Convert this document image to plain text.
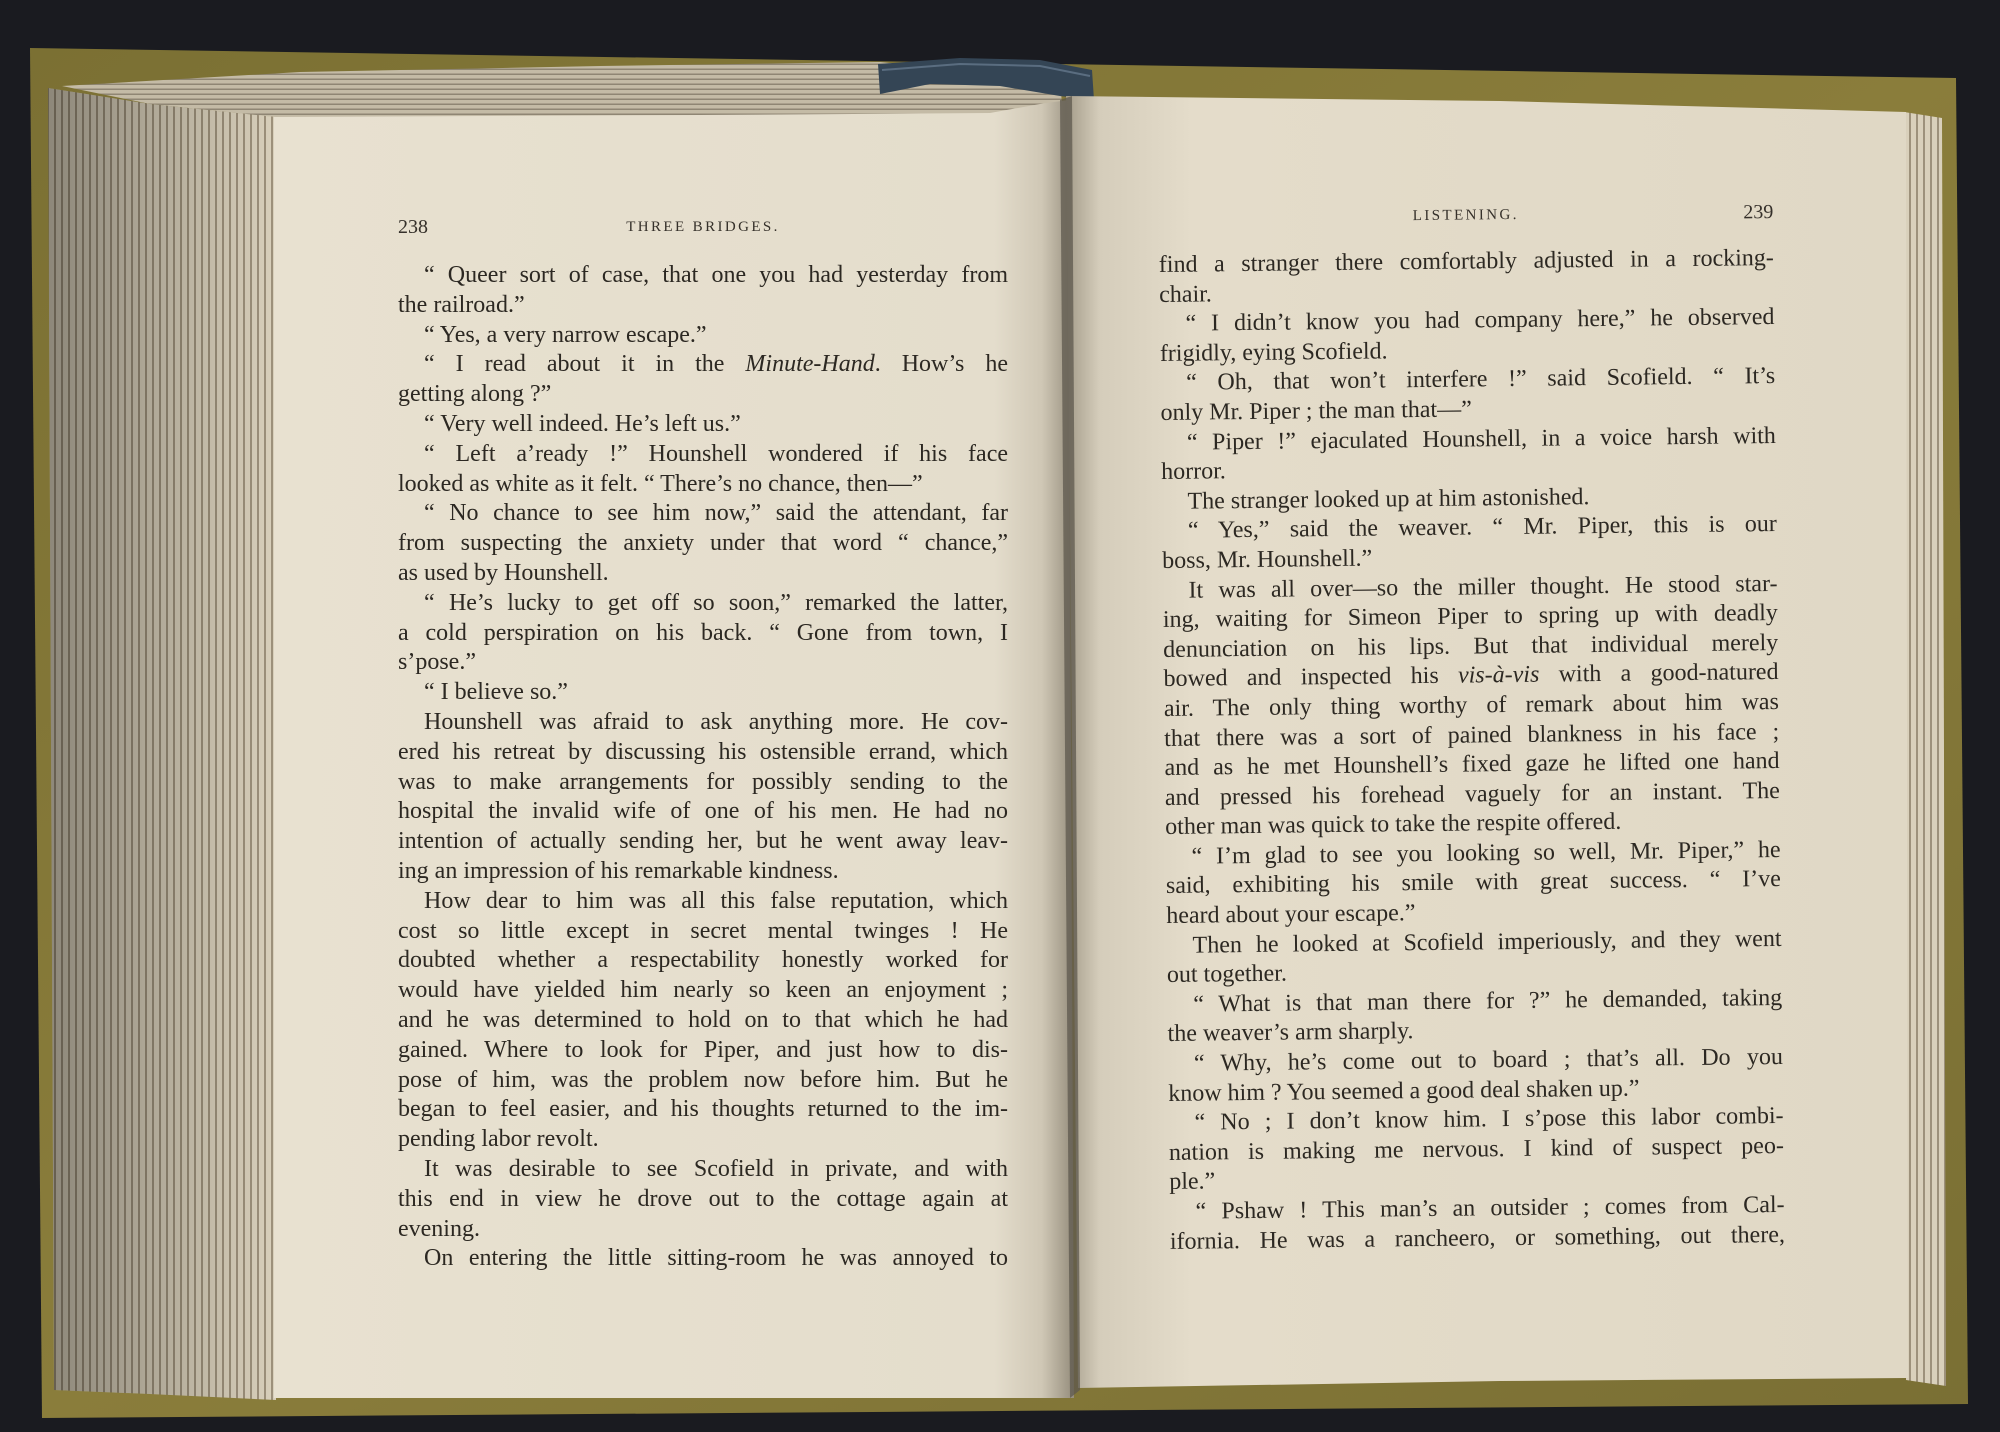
238	THREE BRIDGES.
“ Queer sort of case, that one you had yesterday from
the railroad.”
“ Yes, a very narrow escape.”
“ I read about it in the Minute-Hand. How’s he
getting along ?”
“ Very well indeed. He’s left us.”
“ Left a’ready !” Hounshell wondered if his face
looked as white as it felt. “ There’s no chance, then—”
“ No chance to see him now,” said the attendant, far
from suspecting the anxiety under that word “ chance,”
as used by Hounshell.
“ He’s lucky to get off so soon,” remarked the latter,
a cold perspiration on his back. “ Gone from town, I
s’pose.”
“ I believe so.”
Hounshell was afraid to ask anything more. He cov-
ered his retreat by discussing his ostensible errand, which
was to make arrangements for possibly sending to the
hospital the invalid wife of one of his men. He had no
intention of actually sending her, but he went away leav-
ing an impression of his remarkable kindness.
How dear to him was all this false reputation, which
cost so little except in secret mental twinges ! He
doubted whether a respectability honestly worked for
would have yielded him nearly so keen an enjoyment ;
and he was determined to hold on to that which he had
gained. Where to look for Piper, and just how to dis-
pose of him, was the problem now before him. But he
began to feel easier, and his thoughts returned to the im-
pending labor revolt.
It was desirable to see Scofield in private, and with
this end in view he drove out to the cottage again at
evening.
On entering the little sitting-room he was annoyed to
LISTENING.	239
find a stranger there comfortably adjusted in a rocking-
chair.
“ I didn’t know you had company here,” he observed
frigidly, eying Scofield.
“ Oh, that won’t interfere !” said Scofield. “ It’s
only Mr. Piper ; the man that—”
“ Piper !” ejaculated Hounshell, in a voice harsh with
horror.
The stranger looked up at him astonished.
“ Yes,” said the weaver. “ Mr. Piper, this is our
boss, Mr. Hounshell.”
It was all over—so the miller thought. He stood star-
ing, waiting for Simeon Piper to spring up with deadly
denunciation on his lips. But that individual merely
bowed and inspected his vis-à-vis with a good-natured
air. The only thing worthy of remark about him was
that there was a sort of pained blankness in his face ;
and as he met Hounshell’s fixed gaze he lifted one hand
and pressed his forehead vaguely for an instant. The
other man was quick to take the respite offered.
“ I’m glad to see you looking so well, Mr. Piper,” he
said, exhibiting his smile with great success. “ I’ve
heard about your escape.”
Then he looked at Scofield imperiously, and they went
out together.
“ What is that man there for ?” he demanded, taking
the weaver’s arm sharply.
“ Why, he’s come out to board ; that’s all. Do you
know him ? You seemed a good deal shaken up.”
“ No ; I don’t know him. I s’pose this labor combi-
nation is making me nervous. I kind of suspect peo-
ple.”
“ Pshaw ! This man’s an outsider ; comes from Cal-
ifornia. He was a rancheero, or something, out there,
